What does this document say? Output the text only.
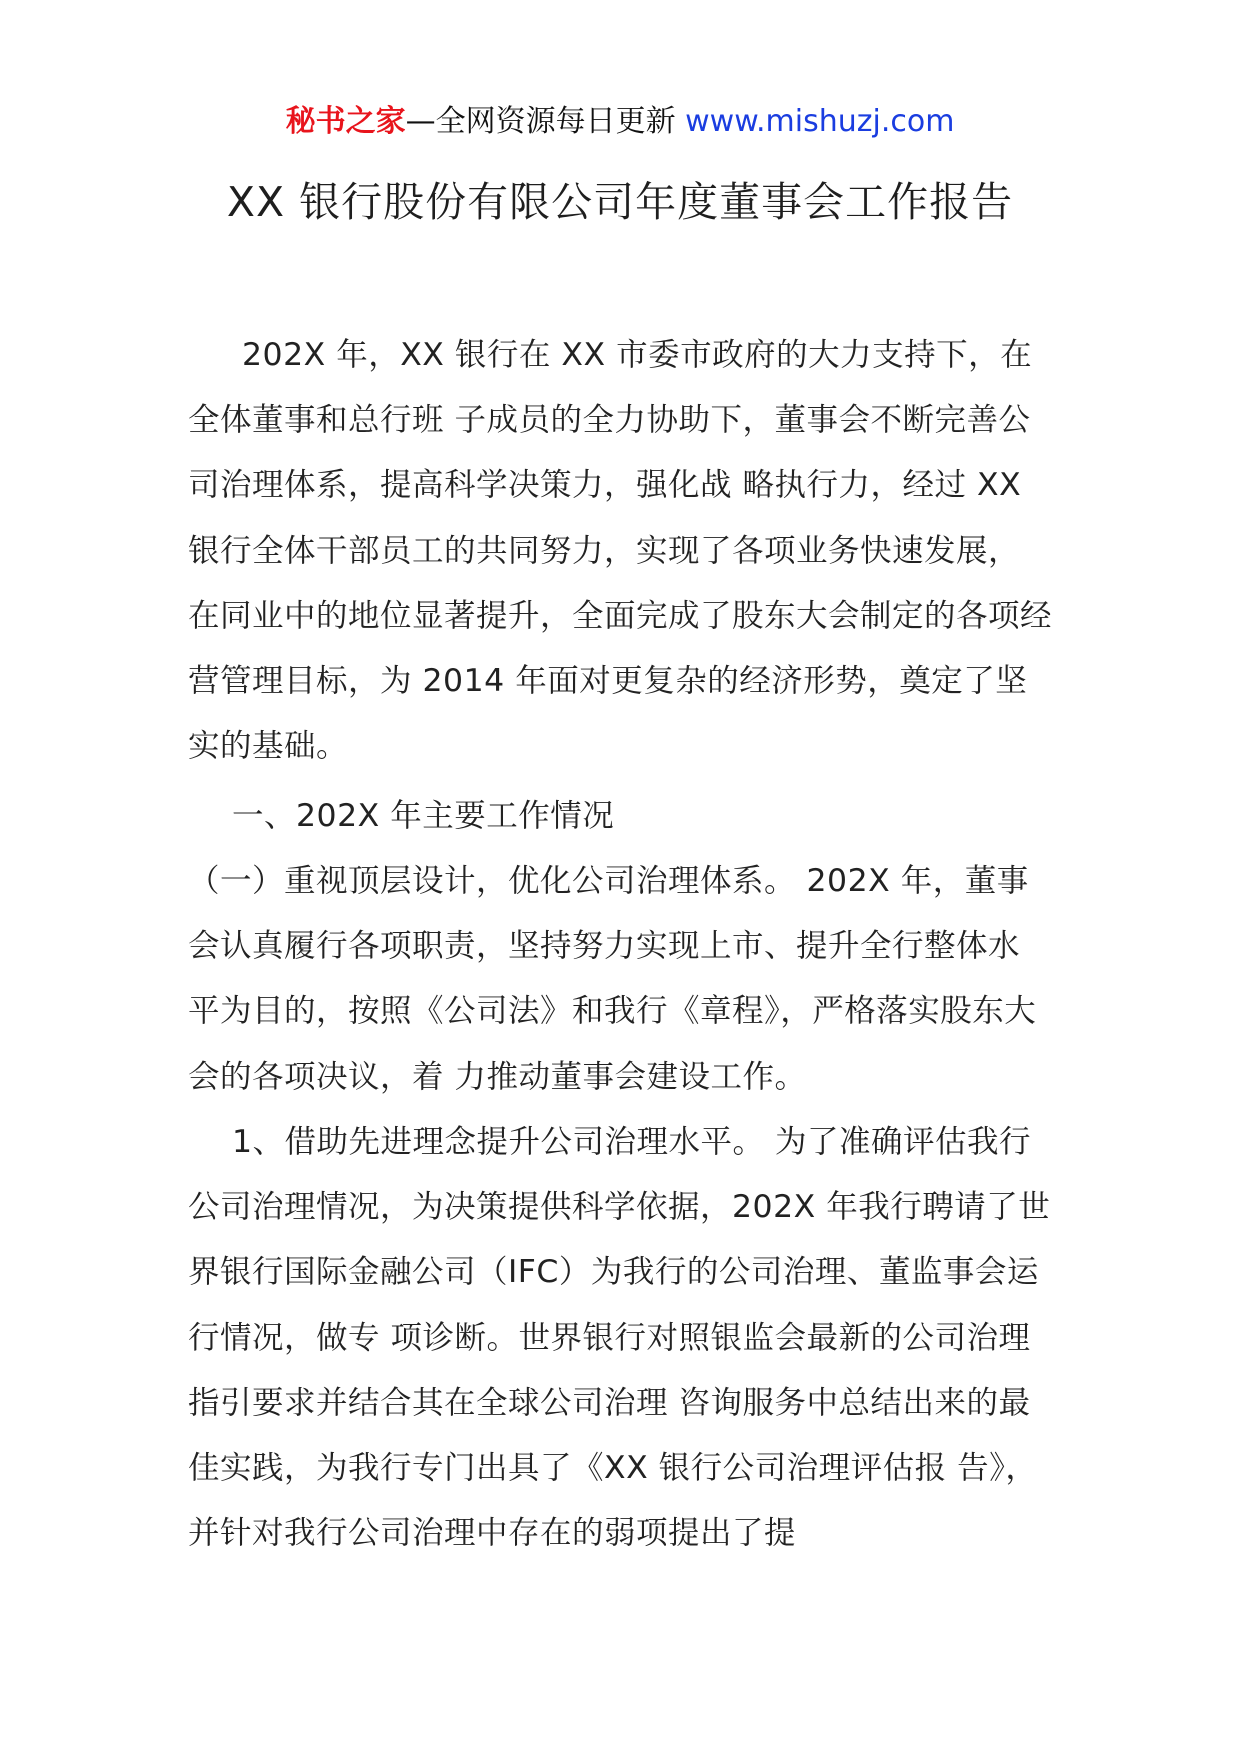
秘书之家—全网资源每日更新 www.mishuzj.com
XX 银行股份有限公司年度董事会工作报告

202X 年，XX 银行在 XX 市委市政府的大力支持下，在全体董事和总行班 子成员的全力协助下，董事会不断完善公司治理体系，提高科学决策力，强化战 略执行力，经过 XX 银行全体干部员工的共同努力，实现了各项业务快速发展， 在同业中的地位显著提升，全面完成了股东大会制定的各项经营管理目标，为 2014 年面对更复杂的经济形势，奠定了坚实的基础。

一、202X 年主要工作情况

（一）重视顶层设计，优化公司治理体系。 202X 年，董事会认真履行各项职责，坚持努力实现上市、提升全行整体水 平为目的，按照《公司法》和我行《章程》，严格落实股东大会的各项决议，着 力推动董事会建设工作。

1、借助先进理念提升公司治理水平。 为了准确评估我行公司治理情况，为决策提供科学依据，202X 年我行聘请了世界银行国际金融公司（IFC）为我行的公司治理、董监事会运行情况，做专 项诊断。世界银行对照银监会最新的公司治理指引要求并结合其在全球公司治理 咨询服务中总结出来的最佳实践，为我行专门出具了《XX 银行公司治理评估报 告》，并针对我行公司治理中存在的弱项提出了提
